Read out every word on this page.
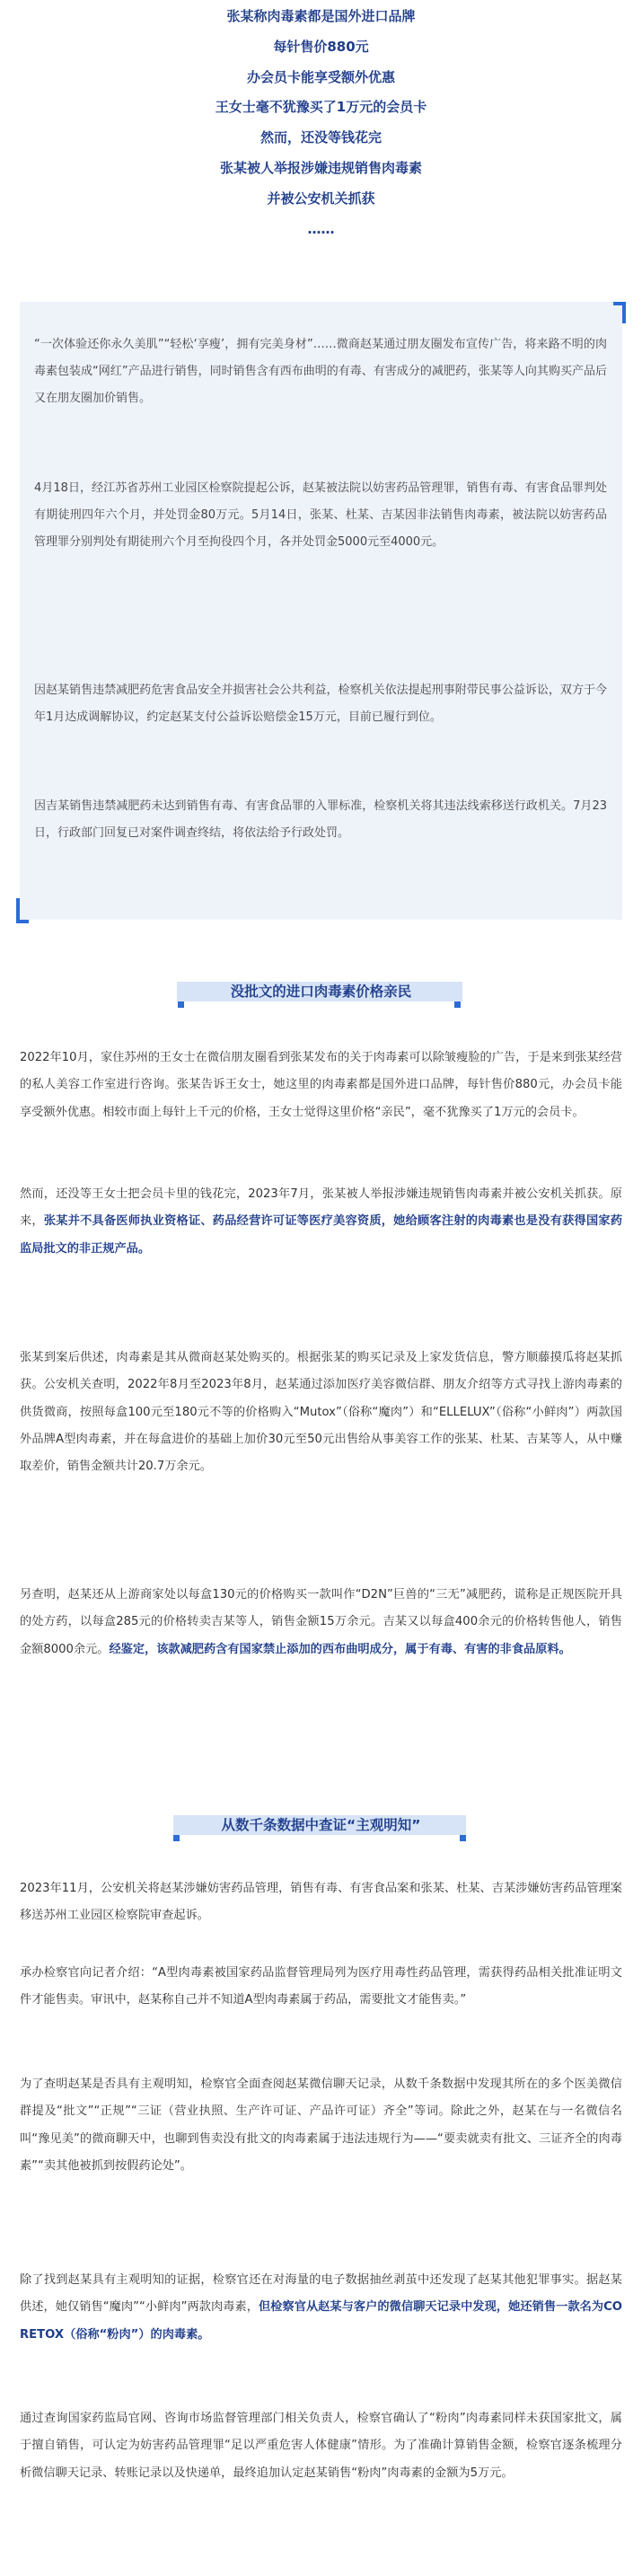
张某称肉毒素都是国外进口品牌
每针售价880元
办会员卡能享受额外优惠
王女士毫不犹豫买了1万元的会员卡
然而，还没等钱花完
张某被人举报涉嫌违规销售肉毒素
并被公安机关抓获
……

“一次体验还你永久美肌”“轻松‘享瘦’，拥有完美身材”……微商赵某通过朋友圈发布宣传广告，将来路不明的肉毒素包装成“网红”产品进行销售，同时销售含有西布曲明的有毒、有害成分的减肥药，张某等人向其购买产品后又在朋友圈加价销售。

4月18日，经江苏省苏州工业园区检察院提起公诉，赵某被法院以妨害药品管理罪，销售有毒、有害食品罪判处有期徒刑四年六个月，并处罚金80万元。5月14日，张某、杜某、吉某因非法销售肉毒素，被法院以妨害药品管理罪分别判处有期徒刑六个月至拘役四个月，各并处罚金5000元至4000元。

因赵某销售违禁减肥药危害食品安全并损害社会公共利益，检察机关依法提起刑事附带民事公益诉讼，双方于今年1月达成调解协议，约定赵某支付公益诉讼赔偿金15万元，目前已履行到位。

因吉某销售违禁减肥药未达到销售有毒、有害食品罪的入罪标准，检察机关将其违法线索移送行政机关。7月23日，行政部门回复已对案件调查终结，将依法给予行政处罚。

没批文的进口肉毒素价格亲民

2022年10月，家住苏州的王女士在微信朋友圈看到张某发布的关于肉毒素可以除皱瘦脸的广告，于是来到张某经营的私人美容工作室进行咨询。张某告诉王女士，她这里的肉毒素都是国外进口品牌，每针售价880元，办会员卡能享受额外优惠。相较市面上每针上千元的价格，王女士觉得这里价格“亲民”，毫不犹豫买了1万元的会员卡。

然而，还没等王女士把会员卡里的钱花完，2023年7月，张某被人举报涉嫌违规销售肉毒素并被公安机关抓获。原来，张某并不具备医师执业资格证、药品经营许可证等医疗美容资质，她给顾客注射的肉毒素也是没有获得国家药监局批文的非正规产品。

张某到案后供述，肉毒素是其从微商赵某处购买的。根据张某的购买记录及上家发货信息，警方顺藤摸瓜将赵某抓获。公安机关查明，2022年8月至2023年8月，赵某通过添加医疗美容微信群、朋友介绍等方式寻找上游肉毒素的供货微商，按照每盒100元至180元不等的价格购入“Mutox”（俗称“魔肉”）和“ELLELUX”（俗称“小鲜肉”）两款国外品牌A型肉毒素，并在每盒进价的基础上加价30元至50元出售给从事美容工作的张某、杜某、吉某等人，从中赚取差价，销售金额共计20.7万余元。

另查明，赵某还从上游商家处以每盒130元的价格购买一款叫作“D2N”巨兽的“三无”减肥药，谎称是正规医院开具的处方药，以每盒285元的价格转卖吉某等人，销售金额15万余元。吉某又以每盒400余元的价格转售他人，销售金额8000余元。经鉴定，该款减肥药含有国家禁止添加的西布曲明成分，属于有毒、有害的非食品原料。

从数千条数据中查证“主观明知”

2023年11月，公安机关将赵某涉嫌妨害药品管理，销售有毒、有害食品案和张某、杜某、吉某涉嫌妨害药品管理案移送苏州工业园区检察院审查起诉。

承办检察官向记者介绍：“A型肉毒素被国家药品监督管理局列为医疗用毒性药品管理，需获得药品相关批准证明文件才能售卖。审讯中，赵某称自己并不知道A型肉毒素属于药品，需要批文才能售卖。”

为了查明赵某是否具有主观明知，检察官全面查阅赵某微信聊天记录，从数千条数据中发现其所在的多个医美微信群提及“批文”“正规”“三证（营业执照、生产许可证、产品许可证）齐全”等词。除此之外，赵某在与一名微信名叫“豫见美”的微商聊天中，也聊到售卖没有批文的肉毒素属于违法违规行为——“要卖就卖有批文、三证齐全的肉毒素”“卖其他被抓到按假药论处”。

除了找到赵某具有主观明知的证据，检察官还在对海量的电子数据抽丝剥茧中还发现了赵某其他犯罪事实。据赵某供述，她仅销售“魔肉”“小鲜肉”两款肉毒素，但检察官从赵某与客户的微信聊天记录中发现，她还销售一款名为CORETOX（俗称“粉肉”）的肉毒素。

通过查询国家药监局官网、咨询市场监督管理部门相关负责人，检察官确认了“粉肉”肉毒素同样未获国家批文，属于擅自销售，可认定为妨害药品管理罪“足以严重危害人体健康”情形。为了准确计算销售金额，检察官逐条梳理分析微信聊天记录、转账记录以及快递单，最终追加认定赵某销售“粉肉”肉毒素的金额为5万元。
